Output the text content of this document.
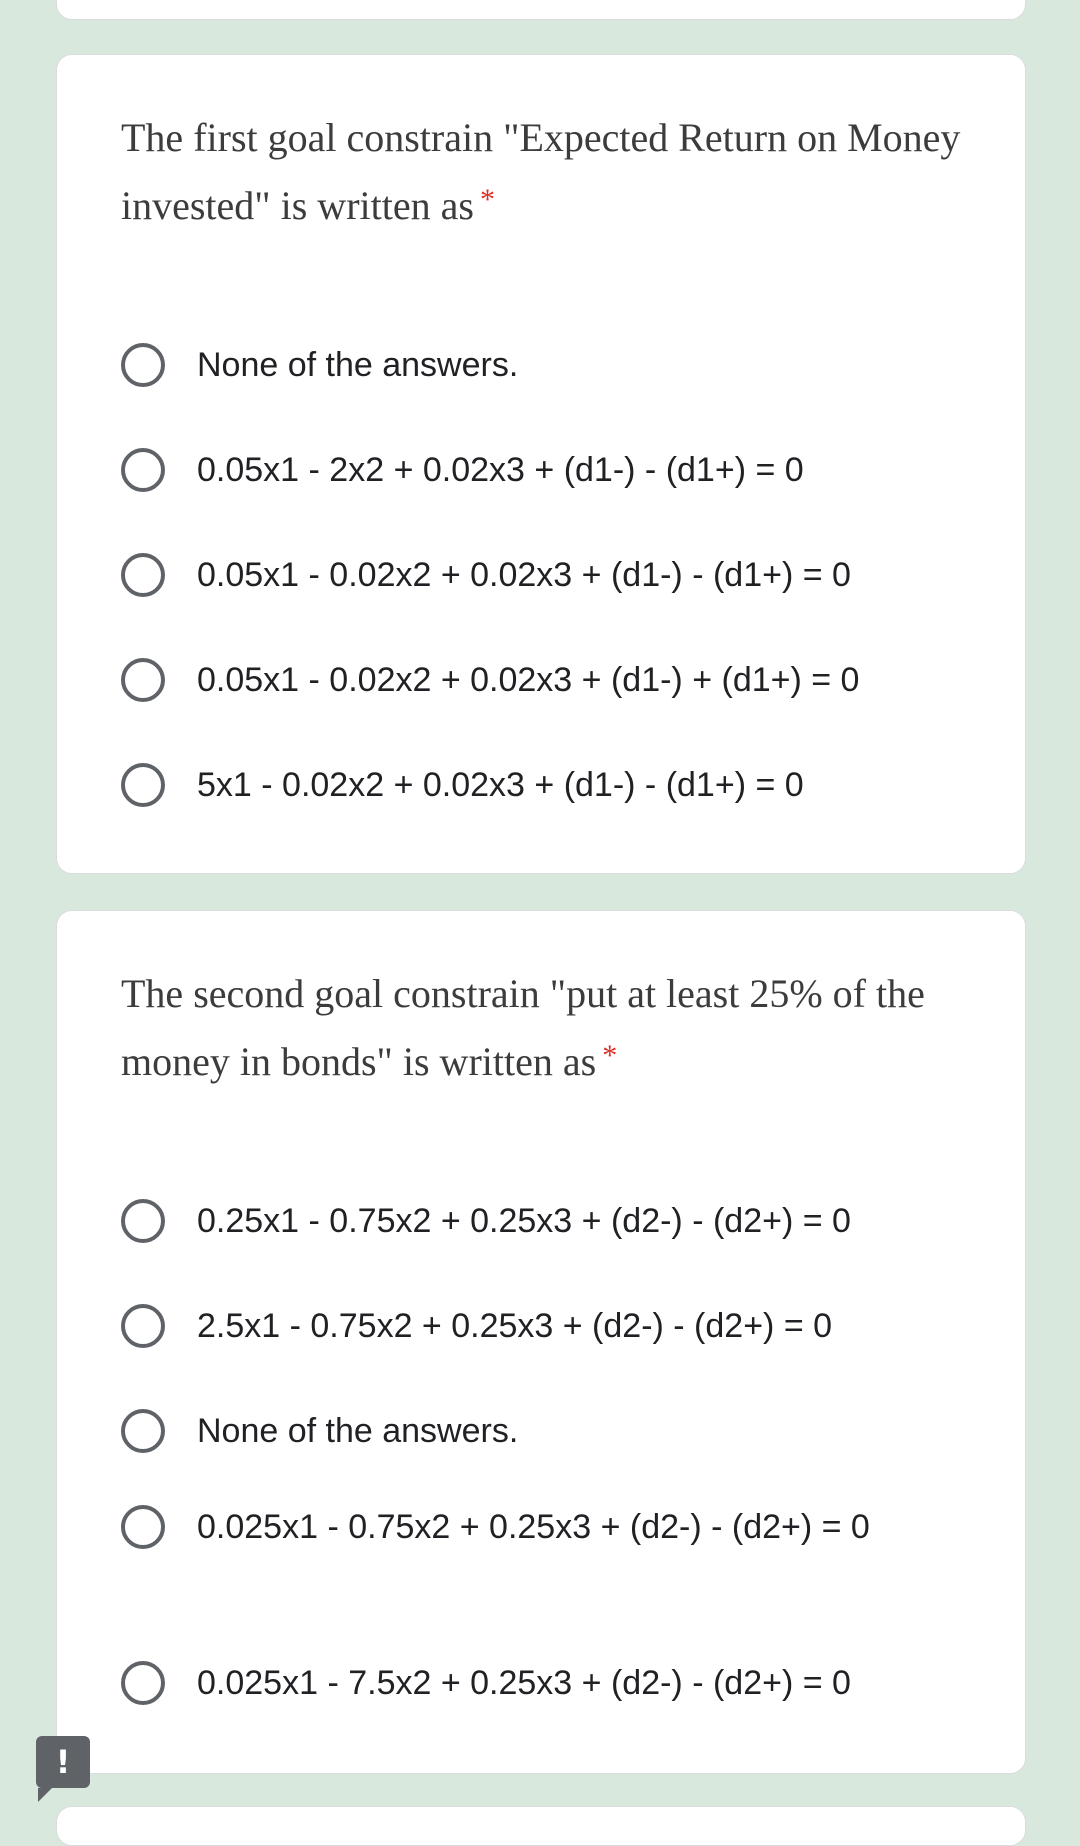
The first goal constrain "Expected Return on Money invested" is written as *
None of the answers.
0.05x1 - 2x2 + 0.02x3 + (d1-) - (d1+) = 0
0.05x1 - 0.02x2 + 0.02x3 + (d1-) - (d1+) = 0
0.05x1 - 0.02x2 + 0.02x3 + (d1-) + (d1+) = 0
5x1 - 0.02x2 + 0.02x3 + (d1-) - (d1+) = 0
The second goal constrain "put at least 25% of the money in bonds" is written as *
0.25x1 - 0.75x2 + 0.25x3 + (d2-) - (d2+) = 0
2.5x1 - 0.75x2 + 0.25x3 + (d2-) - (d2+) = 0
None of the answers.
0.025x1 - 0.75x2 + 0.25x3 + (d2-) - (d2+) = 0
0.025x1 - 7.5x2 + 0.25x3 + (d2-) - (d2+) = 0
!
